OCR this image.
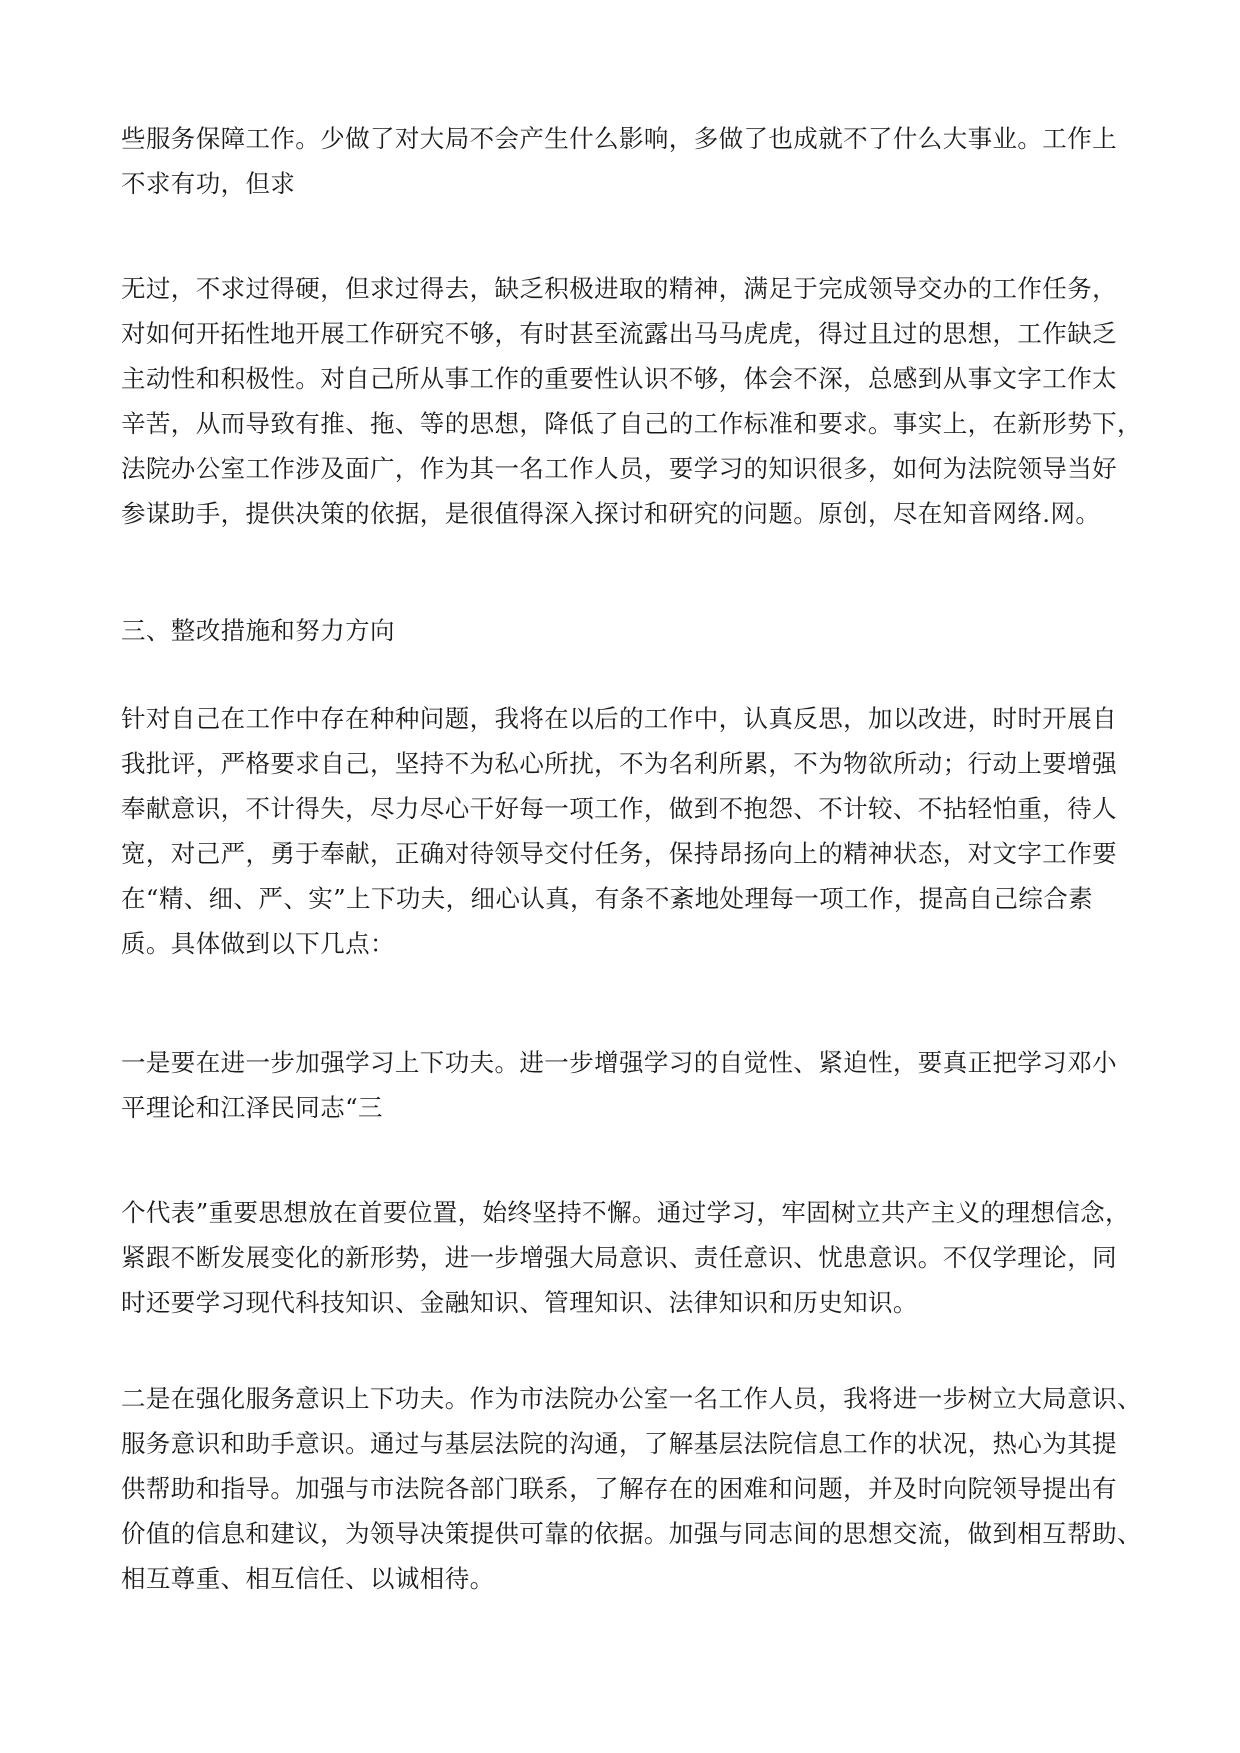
些服务保障工作。少做了对大局不会产生什么影响，多做了也成就不了什么大事业。工作上
不求有功，但求
无过，不求过得硬，但求过得去，缺乏积极进取的精神，满足于完成领导交办的工作任务，
对如何开拓性地开展工作研究不够，有时甚至流露出马马虎虎，得过且过的思想，工作缺乏
主动性和积极性。对自己所从事工作的重要性认识不够，体会不深，总感到从事文字工作太
辛苦，从而导致有推、拖、等的思想，降低了自己的工作标准和要求。事实上，在新形势下，
法院办公室工作涉及面广，作为其一名工作人员，要学习的知识很多，如何为法院领导当好
参谋助手，提供决策的依据，是很值得深入探讨和研究的问题。原创，尽在知音网络.网。
三、整改措施和努力方向
针对自己在工作中存在种种问题，我将在以后的工作中，认真反思，加以改进，时时开展自
我批评，严格要求自己，坚持不为私心所扰，不为名利所累，不为物欲所动；行动上要增强
奉献意识，不计得失，尽力尽心干好每一项工作，做到不抱怨、不计较、不拈轻怕重，待人
宽，对己严，勇于奉献，正确对待领导交付任务，保持昂扬向上的精神状态，对文字工作要
在“精、细、严、实”上下功夫，细心认真，有条不紊地处理每一项工作，提高自己综合素
质。具体做到以下几点：
一是要在进一步加强学习上下功夫。进一步增强学习的自觉性、紧迫性，要真正把学习邓小
平理论和江泽民同志“三
个代表”重要思想放在首要位置，始终坚持不懈。通过学习，牢固树立共产主义的理想信念，
紧跟不断发展变化的新形势，进一步增强大局意识、责任意识、忧患意识。不仅学理论，同
时还要学习现代科技知识、金融知识、管理知识、法律知识和历史知识。
二是在强化服务意识上下功夫。作为市法院办公室一名工作人员，我将进一步树立大局意识、
服务意识和助手意识。通过与基层法院的沟通，了解基层法院信息工作的状况，热心为其提
供帮助和指导。加强与市法院各部门联系，了解存在的困难和问题，并及时向院领导提出有
价值的信息和建议，为领导决策提供可靠的依据。加强与同志间的思想交流，做到相互帮助、
相互尊重、相互信任、以诚相待。
